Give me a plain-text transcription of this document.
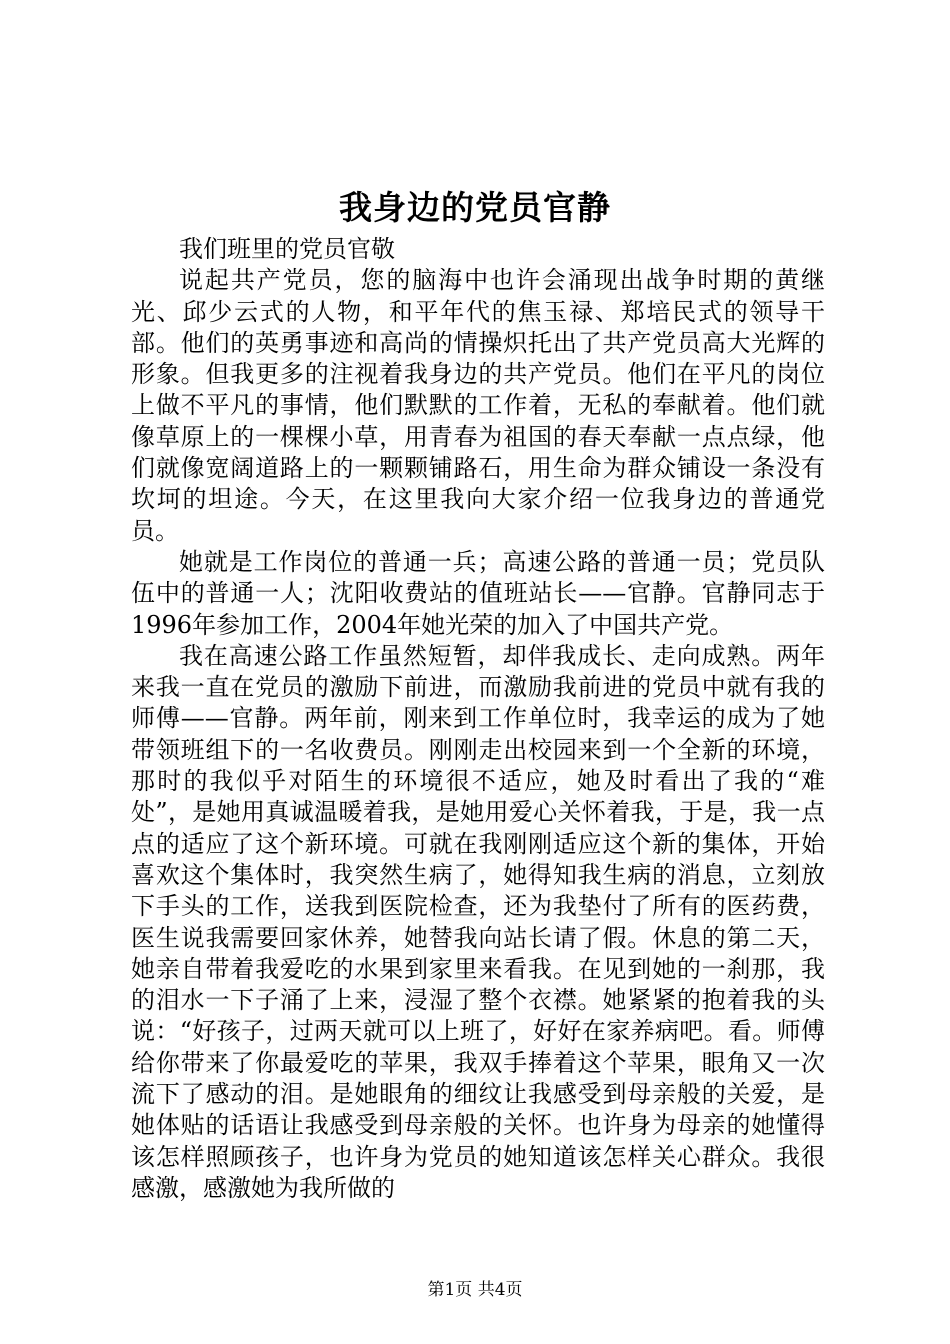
我身边的党员官静
我们班里的党员官敬

说起共产党员，您的脑海中也许会涌现出战争时期的黄继光、邱少云式的人物，和平年代的焦玉禄、郑培民式的领导干部。他们的英勇事迹和高尚的情操炽托出了共产党员高大光辉的形象。但我更多的注视着我身边的共产党员。他们在平凡的岗位上做不平凡的事情，他们默默的工作着，无私的奉献着。他们就像草原上的一棵棵小草，用青春为祖国的春天奉献一点点绿，他们就像宽阔道路上的一颗颗铺路石，用生命为群众铺设一条没有坎坷的坦途。今天，在这里我向大家介绍一位我身边的普通党员。

她就是工作岗位的普通一兵；高速公路的普通一员；党员队伍中的普通一人；沈阳收费站的值班站长——官静。官静同志于1996年参加工作，2004年她光荣的加入了中国共产党。

我在高速公路工作虽然短暂，却伴我成长、走向成熟。两年来我一直在党员的激励下前进，而激励我前进的党员中就有我的师傅——官静。两年前，刚来到工作单位时，我幸运的成为了她带领班组下的一名收费员。刚刚走出校园来到一个全新的环境，那时的我似乎对陌生的环境很不适应，她及时看出了我的“难处”，是她用真诚温暖着我，是她用爱心关怀着我，于是，我一点点的适应了这个新环境。可就在我刚刚适应这个新的集体，开始喜欢这个集体时，我突然生病了，她得知我生病的消息，立刻放下手头的工作，送我到医院检查，还为我垫付了所有的医药费，医生说我需要回家休养，她替我向站长请了假。休息的第二天，她亲自带着我爱吃的水果到家里来看我。在见到她的一刹那，我的泪水一下子涌了上来，浸湿了整个衣襟。她紧紧的抱着我的头说：“好孩子，过两天就可以上班了，好好在家养病吧。看。师傅给你带来了你最爱吃的苹果，我双手捧着这个苹果，眼角又一次流下了感动的泪。是她眼角的细纹让我感受到母亲般的关爱，是她体贴的话语让我感受到母亲般的关怀。也许身为母亲的她懂得该怎样照顾孩子，也许身为党员的她知道该怎样关心群众。我很感激，感激她为我所做的

第1页 共4页
